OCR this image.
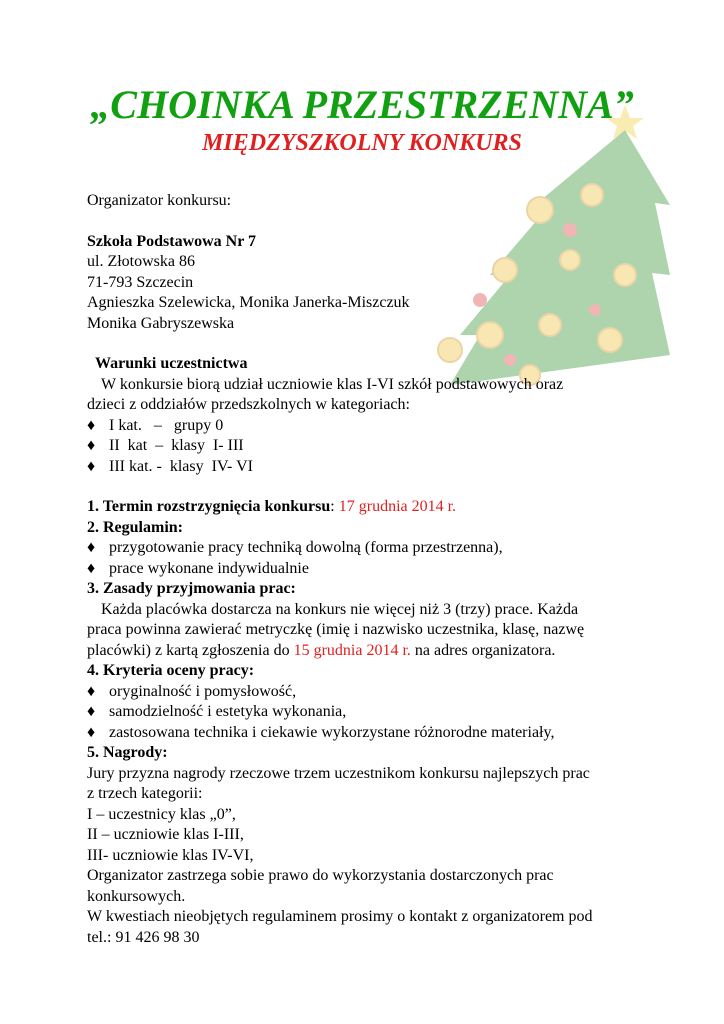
„CHOINKA PRZESTRZENNA”
MIĘDZYSZKOLNY KONKURS

Organizator konkursu:

Szkoła Podstawowa Nr 7

ul. Złotowska 86

71-793 Szczecin

Agnieszka Szelewicka, Monika Janerka-Miszczuk

Monika Gabryszewska

Warunki uczestnictwa

W konkursie biorą udział uczniowie klas I-VI szkół podstawowych oraz

dzieci z oddziałów przedszkolnych w kategoriach:

♦ I kat.   –   grupy 0
♦ II  kat  –  klasy  I- III
♦ III kat. -  klasy  IV- VI

1. Termin rozstrzygnięcia konkursu: 17 grudnia 2014 r.

2. Regulamin:

♦ przygotowanie pracy techniką dowolną (forma przestrzenna),
♦ prace wykonane indywidualnie

3. Zasady przyjmowania prac:

Każda placówka dostarcza na konkurs nie więcej niż 3 (trzy) prace. Każda

praca powinna zawierać metryczkę (imię i nazwisko uczestnika, klasę, nazwę

placówki) z kartą zgłoszenia do 15 grudnia 2014 r. na adres organizatora.

4. Kryteria oceny pracy:

♦ oryginalność i pomysłowość,
♦ samodzielność i estetyka wykonania,
♦ zastosowana technika i ciekawie wykorzystane różnorodne materiały,

5. Nagrody:

Jury przyzna nagrody rzeczowe trzem uczestnikom konkursu najlepszych prac

z trzech kategorii:

I – uczestnicy klas „0”,

II – uczniowie klas I-III,

III- uczniowie klas IV-VI,

Organizator zastrzega sobie prawo do wykorzystania dostarczonych prac

konkursowych.

W kwestiach nieobjętych regulaminem prosimy o kontakt z organizatorem pod

tel.: 91 426 98 30
